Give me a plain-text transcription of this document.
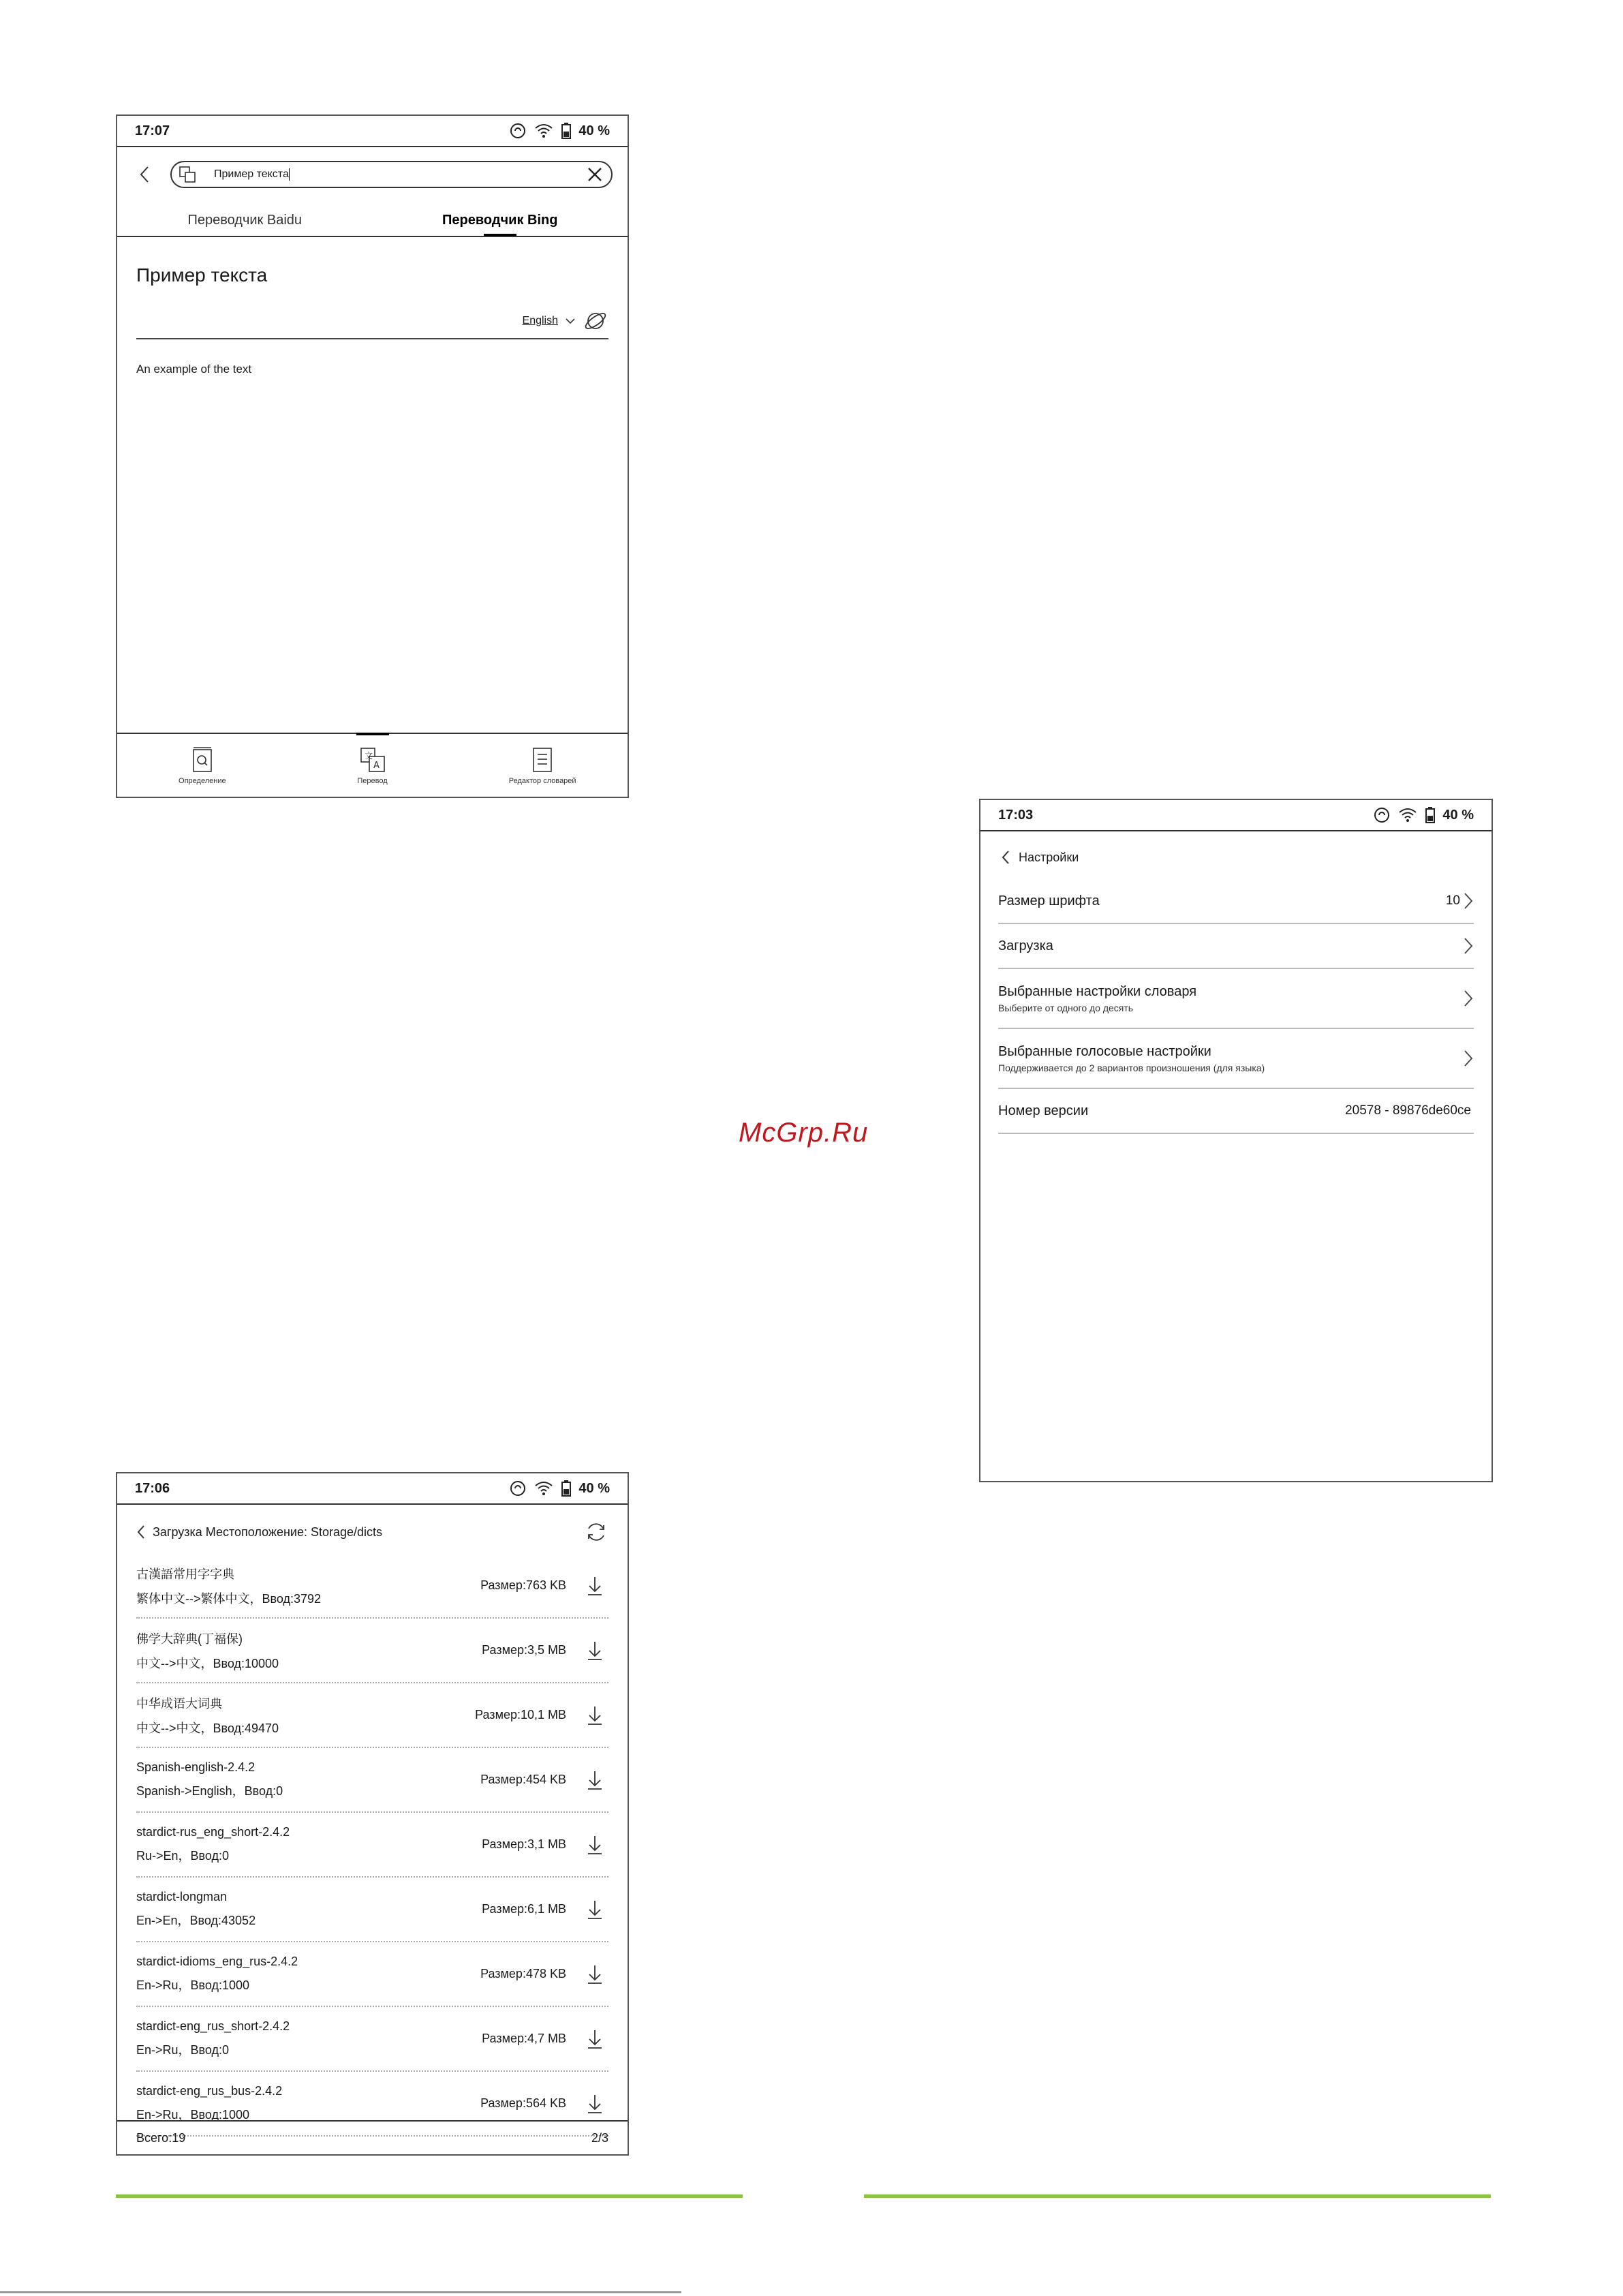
17:07	40 %
Пример текста
Переводчик Baidu	Переводчик Bing
Пример текста
English
An example of the text
Определение
文
A
Перевод	Редактор словарей
17:03	40 %
Настройки
Размер шрифта	10
Загрузка
Выбранные настройки словаря
Выберите от одного до десять
Выбранные голосовые настройки
Поддерживается до 2 вариантов произношения (для языка)
Номер версии	20578 - 89876de60ce
17:06	40 %
Загрузка Местоположение: Storage/dicts
古漢語常用字字典
繁体中文-->繁体中文，Ввод:3792
Размер:763 KB
佛学大辞典(丁福保)
中文-->中文，Ввод:10000
Размер:3,5 MB
中华成语大词典
中文-->中文，Ввод:49470
Размер:10,1 MB
Spanish-english-2.4.2
Spanish->English，Ввод:0
Размер:454 KB
stardict-rus_eng_short-2.4.2
Ru->En，Ввод:0
Размер:3,1 MB
stardict-longman
En->En，Ввод:43052
Размер:6,1 MB
stardict-idioms_eng_rus-2.4.2
En->Ru，Ввод:1000
Размер:478 KB
stardict-eng_rus_short-2.4.2
En->Ru，Ввод:0
Размер:4,7 MB
stardict-eng_rus_bus-2.4.2
En->Ru，Ввод:1000
Размер:564 KB
Всего:19	2/3
McGrp.Ru
